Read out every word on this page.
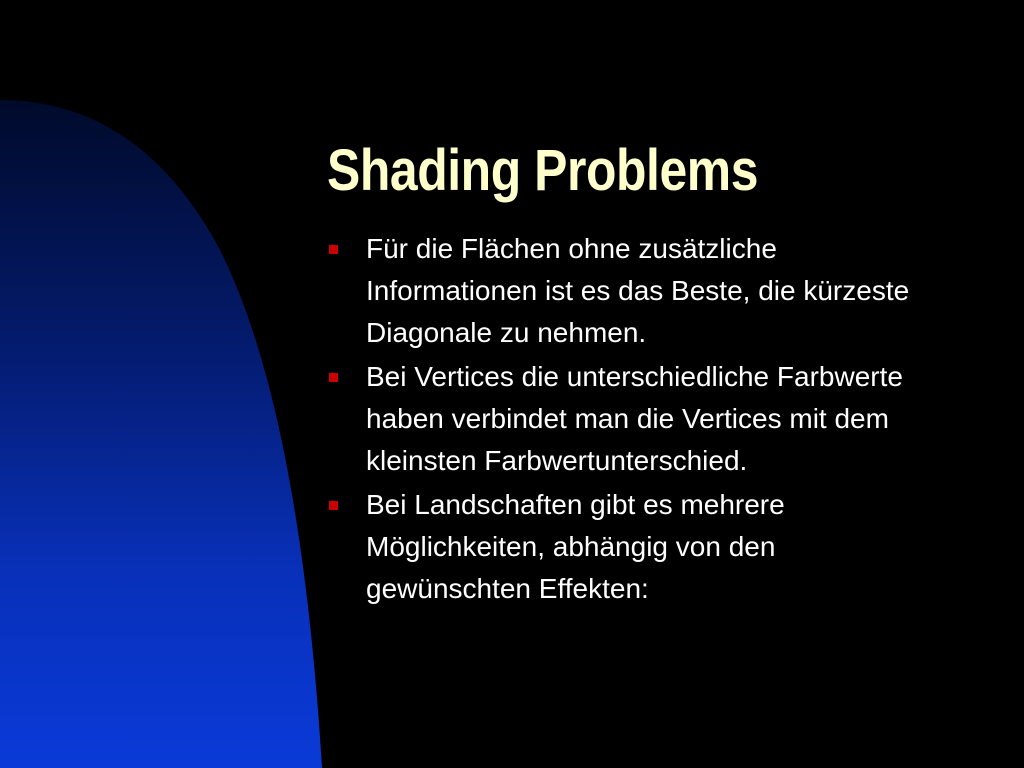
Shading Problems
Für die Flächen ohne zusätzliche Informationen ist es das Beste, die kürzeste Diagonale zu nehmen.
Bei Vertices die unterschiedliche Farbwerte haben verbindet man die Vertices mit dem kleinsten Farbwertunterschied.
Bei Landschaften gibt es mehrere Möglichkeiten, abhängig von den gewünschten Effekten:
